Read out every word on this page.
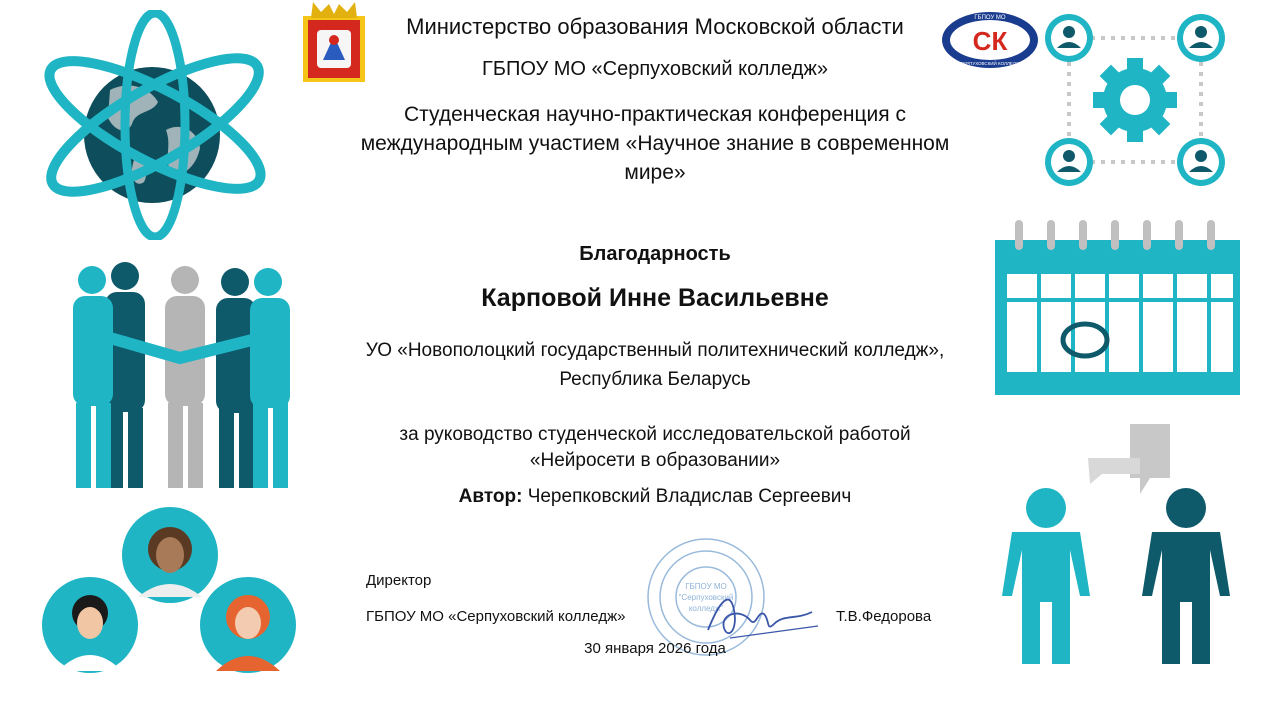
СК
ГБПОУ МО
СЕРПУХОВСКИЙ КОЛЛЕДЖ
Министерство образования Московской области
ГБПОУ МО «Серпуховский колледж»
Студенческая научно-практическая конференция с международным участием «Научное знание в современном мире»
Благодарность
Карповой Инне Васильевне
УО «Новополоцкий государственный политехнический колледж», Республика Беларусь
за руководство студенческой исследовательской работой «Нейросети в образовании»
Автор: Черепковский Владислав Сергеевич
ГБПОУ МО
"Серпуховский
колледж"
Директор
ГБПОУ МО «Серпуховский колледж»	Т.В.Федорова
30 января 2026 года
